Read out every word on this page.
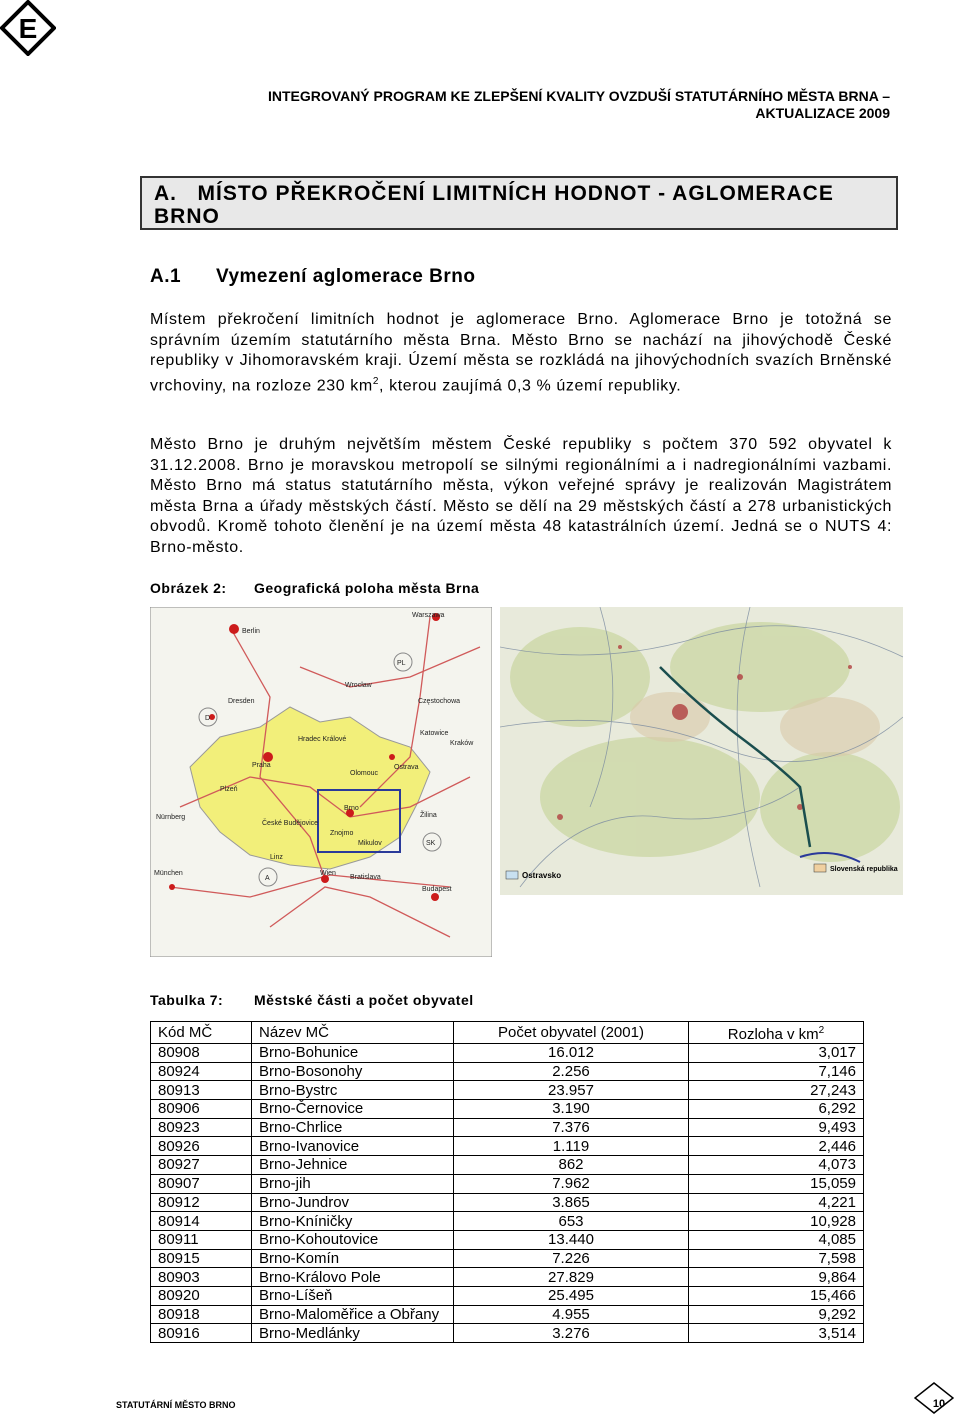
E
INTEGROVANÝ PROGRAM KE ZLEPŠENÍ KVALITY OVZDUŠÍ STATUTÁRNÍHO MĚSTA BRNA –
AKTUALIZACE 2009
A.   MÍSTO PŘEKROČENÍ LIMITNÍCH HODNOT - AGLOMERACE
BRNO
A.1 Vymezení aglomerace Brno
Místem překročení limitních hodnot je aglomerace Brno. Aglomerace Brno je totožná se správním územím statutárního města Brna. Město Brno se nachází na jihovýchodě České republiky v Jihomoravském kraji. Území města se rozkládá na jihovýchodních svazích Brněnské vrchoviny, na rozloze 230 $km^2$, kterou zaujímá 0,3 % území republiky.
Město Brno je druhým největším městem České republiky s počtem 370 592 obyvatel k 31.12.2008. Brno je moravskou metropolí se silnými regionálními a i nadregionálními vazbami. Město Brno má status statutárního města, výkon veřejné správy je realizován Magistrátem města Brna a úřady městských částí. Město se dělí na 29 městských částí a 278 urbanistických obvodů. Kromě tohoto členění je na území města 48 katastrálních území. Jedná se o NUTS 4: Brno-město.
Obrázek 2: Geografická poloha města Brna
PL
D
SK
A
Berlin
Warszawa
Dresden
Wrocław
Częstochowa
Katowice
Kraków
Hradec Králové
Praha
Olomouc
Ostrava
Plzeň
Brno
Žilina
Nürnberg
České Budějovice
Znojmo
Mikulov
Linz
München	Wien
Bratislava
Budapest
Ostravsko
Slovenská republika
Tabulka 7: Městské části a počet obyvatel
Kód MČ	Název MČ	Počet obyvatel (2001)	Rozloha v $km^2$
80908	Brno-Bohunice	16.012	3,017
80924	Brno-Bosonohy	2.256	7,146
80913	Brno-Bystrc	23.957	27,243
80906	Brno-Černovice	3.190	6,292
80923	Brno-Chrlice	7.376	9,493
80926	Brno-Ivanovice	1.119	2,446
80927	Brno-Jehnice	862	4,073
80907	Brno-jih	7.962	15,059
80912	Brno-Jundrov	3.865	4,221
80914	Brno-Kníničky	653	10,928
80911	Brno-Kohoutovice	13.440	4,085
80915	Brno-Komín	7.226	7,598
80903	Brno-Královo Pole	27.829	9,864
80920	Brno-Líšeň	25.495	15,466
80918	Brno-Maloměřice a Obřany	4.955	9,292
80916	Brno-Medlánky	3.276	3,514
STATUTÁRNÍ MĚSTO BRNO	10
